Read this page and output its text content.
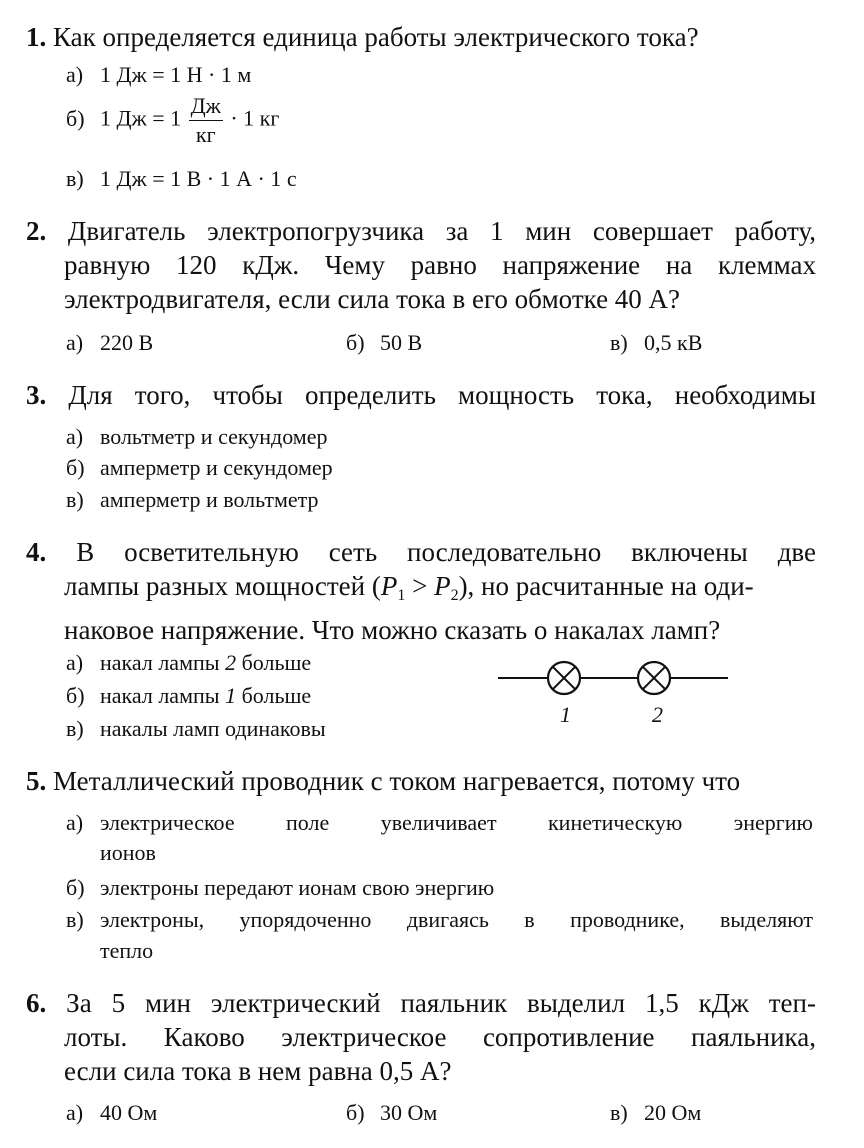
1. Как определяется единица работы электрического тока?
а) 1 Дж = 1 Н · 1 м
б) 1 Дж = $1 \frac{Дж}{кг} \cdot 1$ кг
в) 1 Дж = 1 В · 1 А · 1 с
2. Двигатель электропогрузчика за 1 мин совершает работу,
равную 120 кДж. Чему равно напряжение на клеммах
электродвигателя, если сила тока в его обмотке 40 А?
а) 220 В	б) 50 В	в) 0,5 кВ
3. Для того, чтобы определить мощность тока, необходимы
а) вольтметр и секундомер
б) амперметр и секундомер
в) амперметр и вольтметр
4. В осветительную сеть последовательно включены две
лампы разных мощностей $(P_1 > P_2)$, но расчитанные на оди-
наковое напряжение. Что можно сказать о накалах ламп?
а) накал лампы 2 больше
б) накал лампы 1 больше
в) накалы ламп одинаковы
1	2
5. Металлический проводник с током нагревается, потому что
а) электрическое поле увеличивает кинетическую энергию
ионов
б) электроны передают ионам свою энергию
в) электроны, упорядоченно двигаясь в проводнике, выделяют
тепло
6. За 5 мин электрический паяльник выделил 1,5 кДж теп-
лоты. Каково электрическое сопротивление паяльника,
если сила тока в нем равна 0,5 А?
а) 40 Ом	б) 30 Ом	в) 20 Ом
